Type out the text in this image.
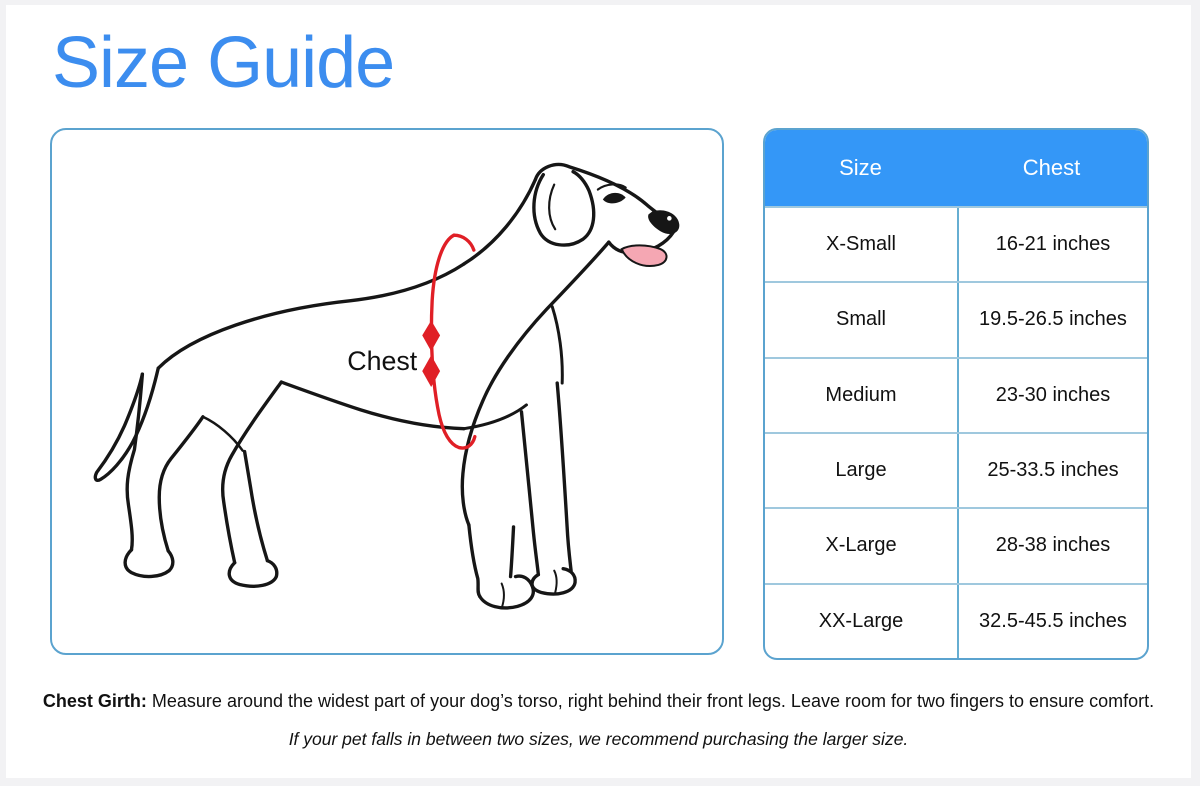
Size Guide
Chest
Size	Chest
X-Small	16-21 inches
Small	19.5-26.5 inches
Medium	23-30 inches
Large	25-33.5 inches
X-Large	28-38 inches
XX-Large	32.5-45.5 inches
Chest Girth: Measure around the widest part of your dog’s torso, right behind their front legs. Leave room for two fingers to ensure comfort.
If your pet falls in between two sizes, we recommend purchasing the larger size.
